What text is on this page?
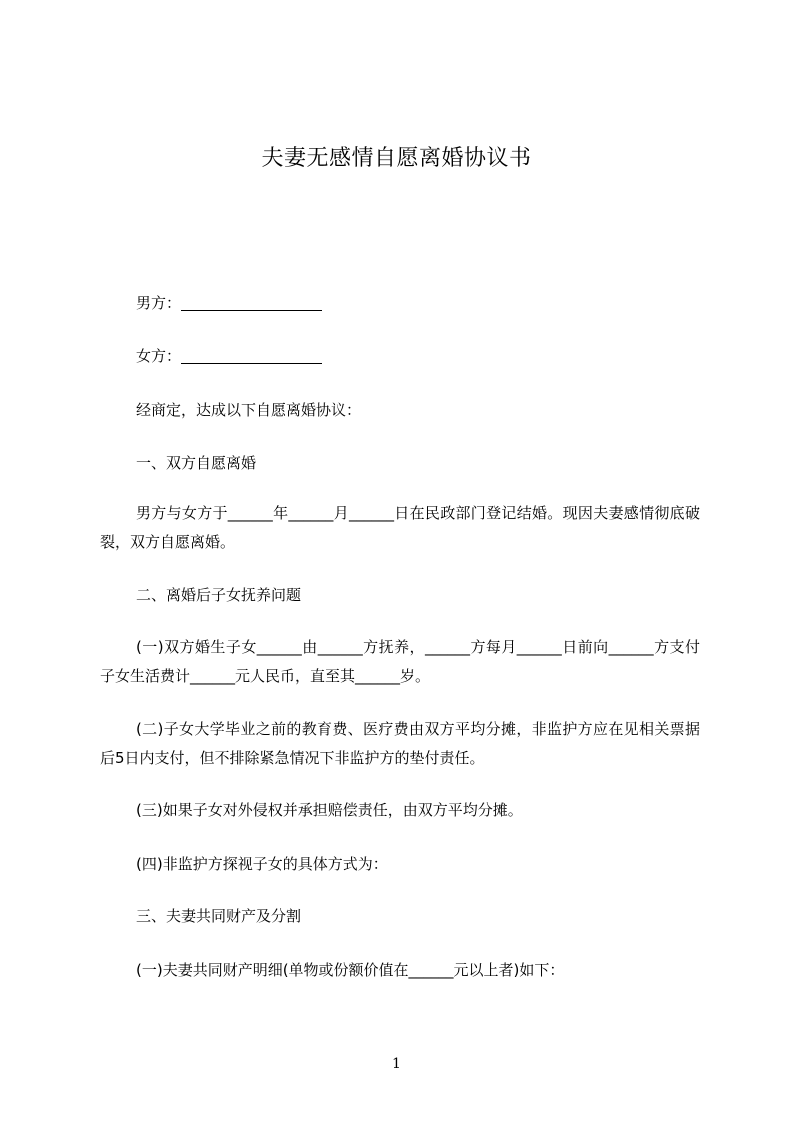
夫妻无感情自愿离婚协议书
男方：
女方：
经商定，达成以下自愿离婚协议：
一、双方自愿离婚
男方与女方于______年______月______日在民政部门登记结婚。现因夫妻感情彻底破裂，双方自愿离婚。
二、离婚后子女抚养问题
(一)双方婚生子女______由______方抚养，______方每月______日前向______方支付子女生活费计______元人民币，直至其______岁。
(二)子女大学毕业之前的教育费、医疗费由双方平均分摊，非监护方应在见相关票据后5日内支付，但不排除紧急情况下非监护方的垫付责任。
(三)如果子女对外侵权并承担赔偿责任，由双方平均分摊。
(四)非监护方探视子女的具体方式为：
三、夫妻共同财产及分割
(一)夫妻共同财产明细(单物或份额价值在______元以上者)如下：
1
